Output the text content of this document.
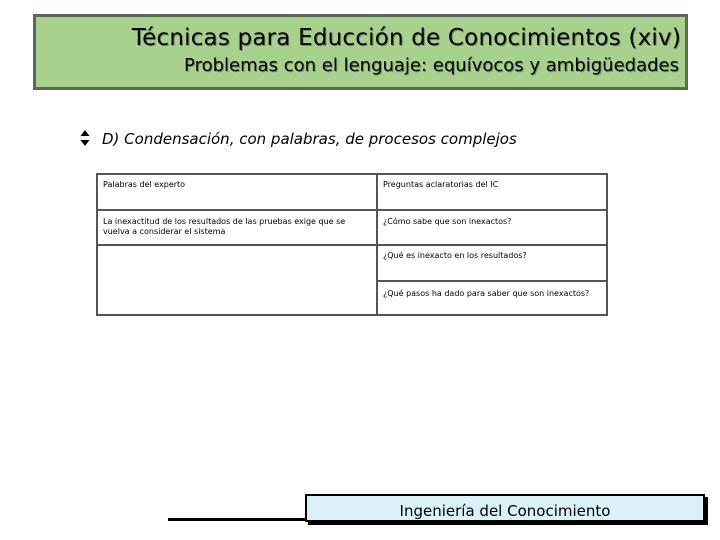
Técnicas para Educción de Conocimientos (xiv)
Problemas con el lenguaje: equívocos y ambigüedades
D) Condensación, con palabras, de procesos complejos
Palabras del experto	Preguntas aclaratorias del IC
La inexactitud de los resultados de las pruebas exige que se vuelva a considerar el sistema	¿Cómo sabe que son inexactos?
	¿Qué es inexacto en los resultados?
	¿Qué pasos ha dado para saber que son inexactos?
Ingeniería del Conocimiento
